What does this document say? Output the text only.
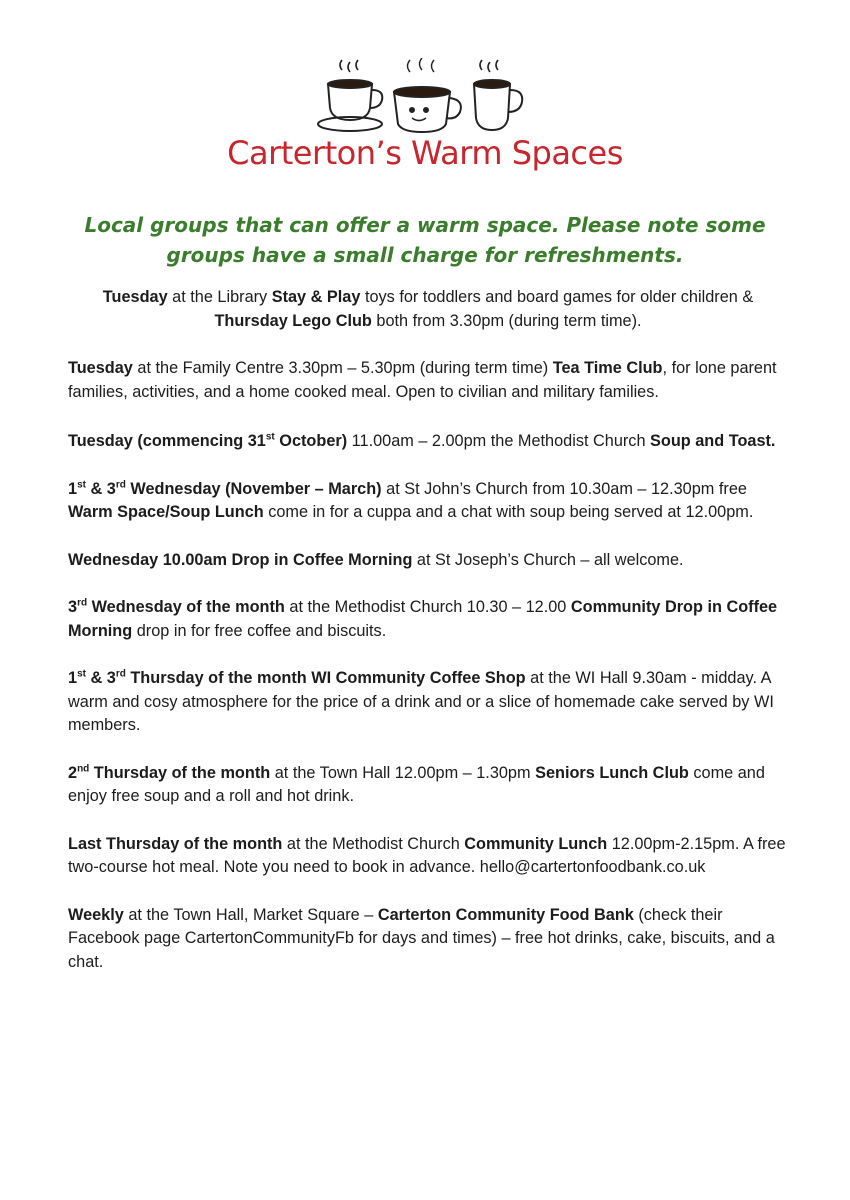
Carterton’s Warm Spaces
Local groups that can offer a warm space. Please note some groups have a small charge for refreshments.

Tuesday at the Library Stay & Play toys for toddlers and board games for older children & Thursday Lego Club both from 3.30pm (during term time).

Tuesday at the Family Centre 3.30pm – 5.30pm (during term time) Tea Time Club, for lone parent families, activities, and a home cooked meal. Open to civilian and military families.

Tuesday (commencing 31st October) 11.00am – 2.00pm the Methodist Church Soup and Toast.

1st & 3rd Wednesday (November – March) at St John’s Church from 10.30am – 12.30pm free Warm Space/Soup Lunch come in for a cuppa and a chat with soup being served at 12.00pm.

Wednesday 10.00am Drop in Coffee Morning at St Joseph’s Church – all welcome.

3rd Wednesday of the month at the Methodist Church 10.30 – 12.00 Community Drop in Coffee Morning drop in for free coffee and biscuits.

1st & 3rd Thursday of the month WI Community Coffee Shop at the WI Hall 9.30am - midday. A warm and cosy atmosphere for the price of a drink and or a slice of homemade cake served by WI members.

2nd Thursday of the month at the Town Hall 12.00pm – 1.30pm Seniors Lunch Club come and enjoy free soup and a roll and hot drink.

Last Thursday of the month at the Methodist Church Community Lunch 12.00pm-2.15pm. A free two-course hot meal. Note you need to book in advance. hello@cartertonfoodbank.co.uk

Weekly at the Town Hall, Market Square – Carterton Community Food Bank (check their Facebook page CartertonCommunityFb for days and times) – free hot drinks, cake, biscuits, and a chat.
